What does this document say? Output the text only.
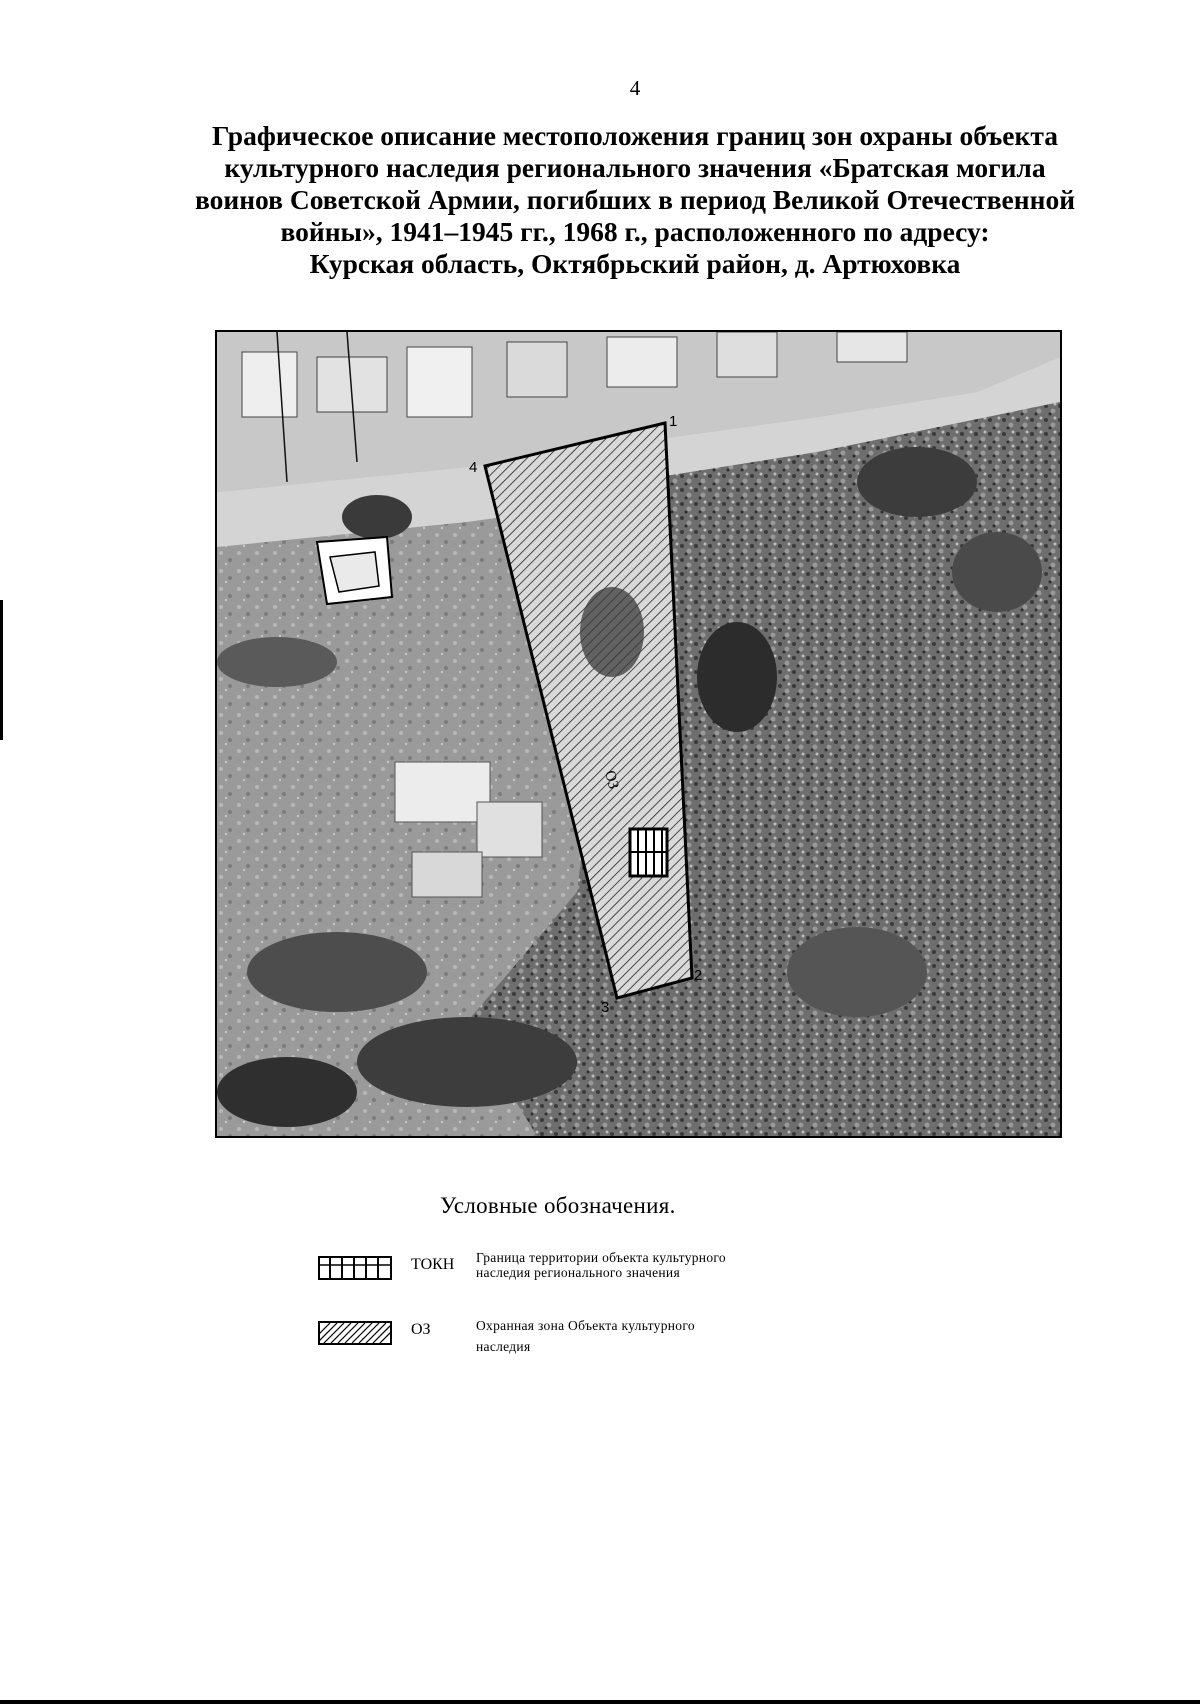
4
Графическое описание местоположения границ зон охраны объекта
культурного наследия регионального значения «Братская могила
воинов Советской Армии, погибших в период Великой Отечественной
войны», 1941–1945 гг., 1968 г., расположенного по адресу:
Курская область, Октябрьский район, д. Артюховка
1
2
3
4
ОЗ
Условные обозначения.
ТОКН Граница территории объекта культурного
наследия регионального значения
ОЗ	Охранная зона Объекта культурного
наследия
